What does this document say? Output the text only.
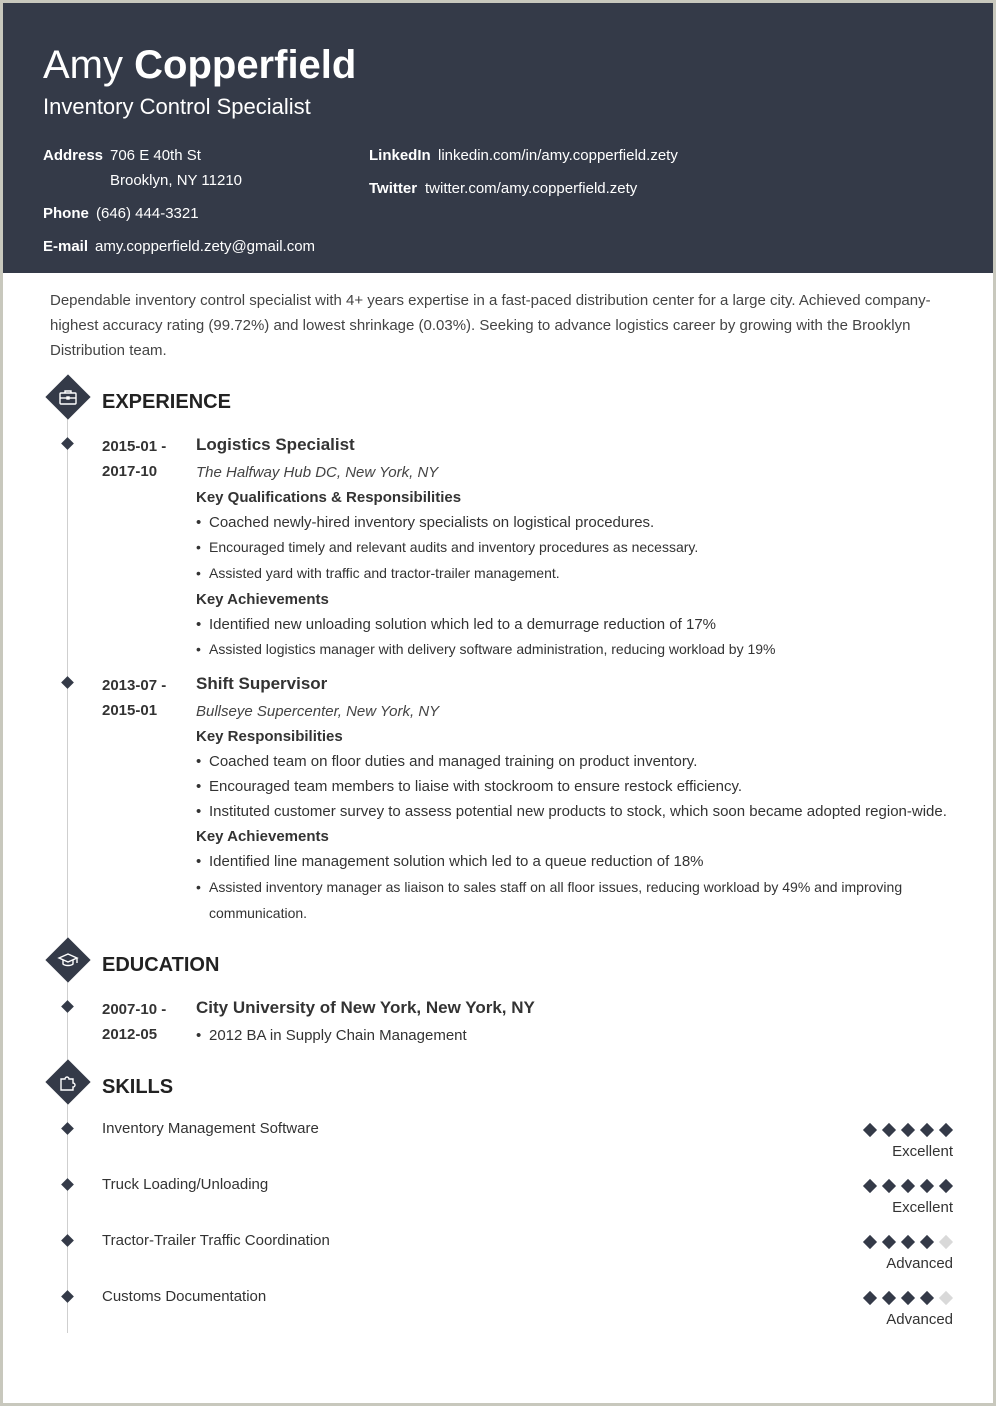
Amy Copperfield
Inventory Control Specialist
Address 706 E 40th St
Brooklyn, NY 11210
Phone (646) 444-3321
E-mail amy.copperfield.zety@gmail.com
LinkedIn linkedin.com/in/amy.copperfield.zety
Twitter twitter.com/amy.copperfield.zety
Dependable inventory control specialist with 4+ years expertise in a fast-paced distribution center for a large city. Achieved company-highest accuracy rating (99.72%) and lowest shrinkage (0.03%). Seeking to advance logistics career by growing with the Brooklyn Distribution team.
EXPERIENCE
2015-01 -
2017-10
Logistics Specialist
The Halfway Hub DC, New York, NY
Key Qualifications & Responsibilities
• Coached newly-hired inventory specialists on logistical procedures.
• Encouraged timely and relevant audits and inventory procedures as necessary.
• Assisted yard with traffic and tractor-trailer management.
Key Achievements
• Identified new unloading solution which led to a demurrage reduction of 17%
• Assisted logistics manager with delivery software administration, reducing workload by 19%
2013-07 -
2015-01
Shift Supervisor
Bullseye Supercenter, New York, NY
Key Responsibilities
• Coached team on floor duties and managed training on product inventory.
• Encouraged team members to liaise with stockroom to ensure restock efficiency.
• Instituted customer survey to assess potential new products to stock, which soon became adopted region-wide.
Key Achievements
• Identified line management solution which led to a queue reduction of 18%
• Assisted inventory manager as liaison to sales staff on all floor issues, reducing workload by 49% and improving communication.
EDUCATION
2007-10 -
2012-05
City University of New York, New York, NY
• 2012 BA in Supply Chain Management
SKILLS
Inventory Management Software
Excellent
Truck Loading/Unloading
Excellent
Tractor-Trailer Traffic Coordination
Advanced
Customs Documentation
Advanced
